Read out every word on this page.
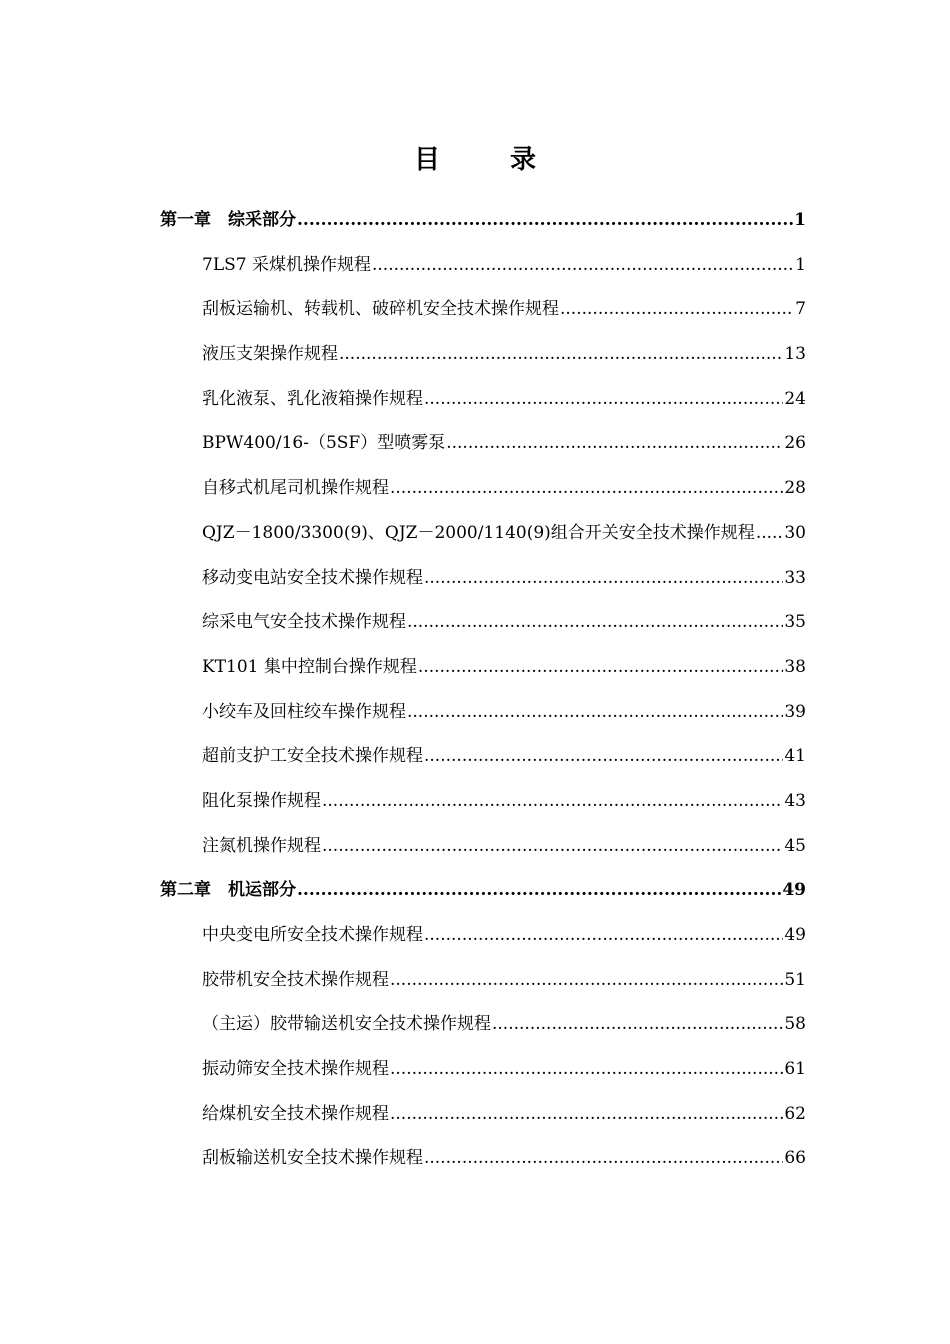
目　录
第一章　综采部分 .....	1
7LS7 采煤机操作规程 .....	1
刮板运输机、转载机、破碎机安全技术操作规程 .....	7
液压支架操作规程 .....	13
乳化液泵、乳化液箱操作规程 .....	24
BPW400/16-（5SF）型喷雾泵 .....	26
自移式机尾司机操作规程 .....	28
QJZ－1800/3300(9)、QJZ－2000/1140(9)组合开关安全技术操作规程 ..... 30
移动变电站安全技术操作规程 .....	33
综采电气安全技术操作规程 .....	35
KT101 集中控制台操作规程 .....	38
小绞车及回柱绞车操作规程 .....	39
超前支护工安全技术操作规程 .....	41
阻化泵操作规程 .....	43
注氮机操作规程 .....	45
第二章　机运部分 .....	49
中央变电所安全技术操作规程 .....	49
胶带机安全技术操作规程 .....	51
（主运）胶带输送机安全技术操作规程 .....	58
振动筛安全技术操作规程 .....	61
给煤机安全技术操作规程 .....	62
刮板输送机安全技术操作规程 .....	66
